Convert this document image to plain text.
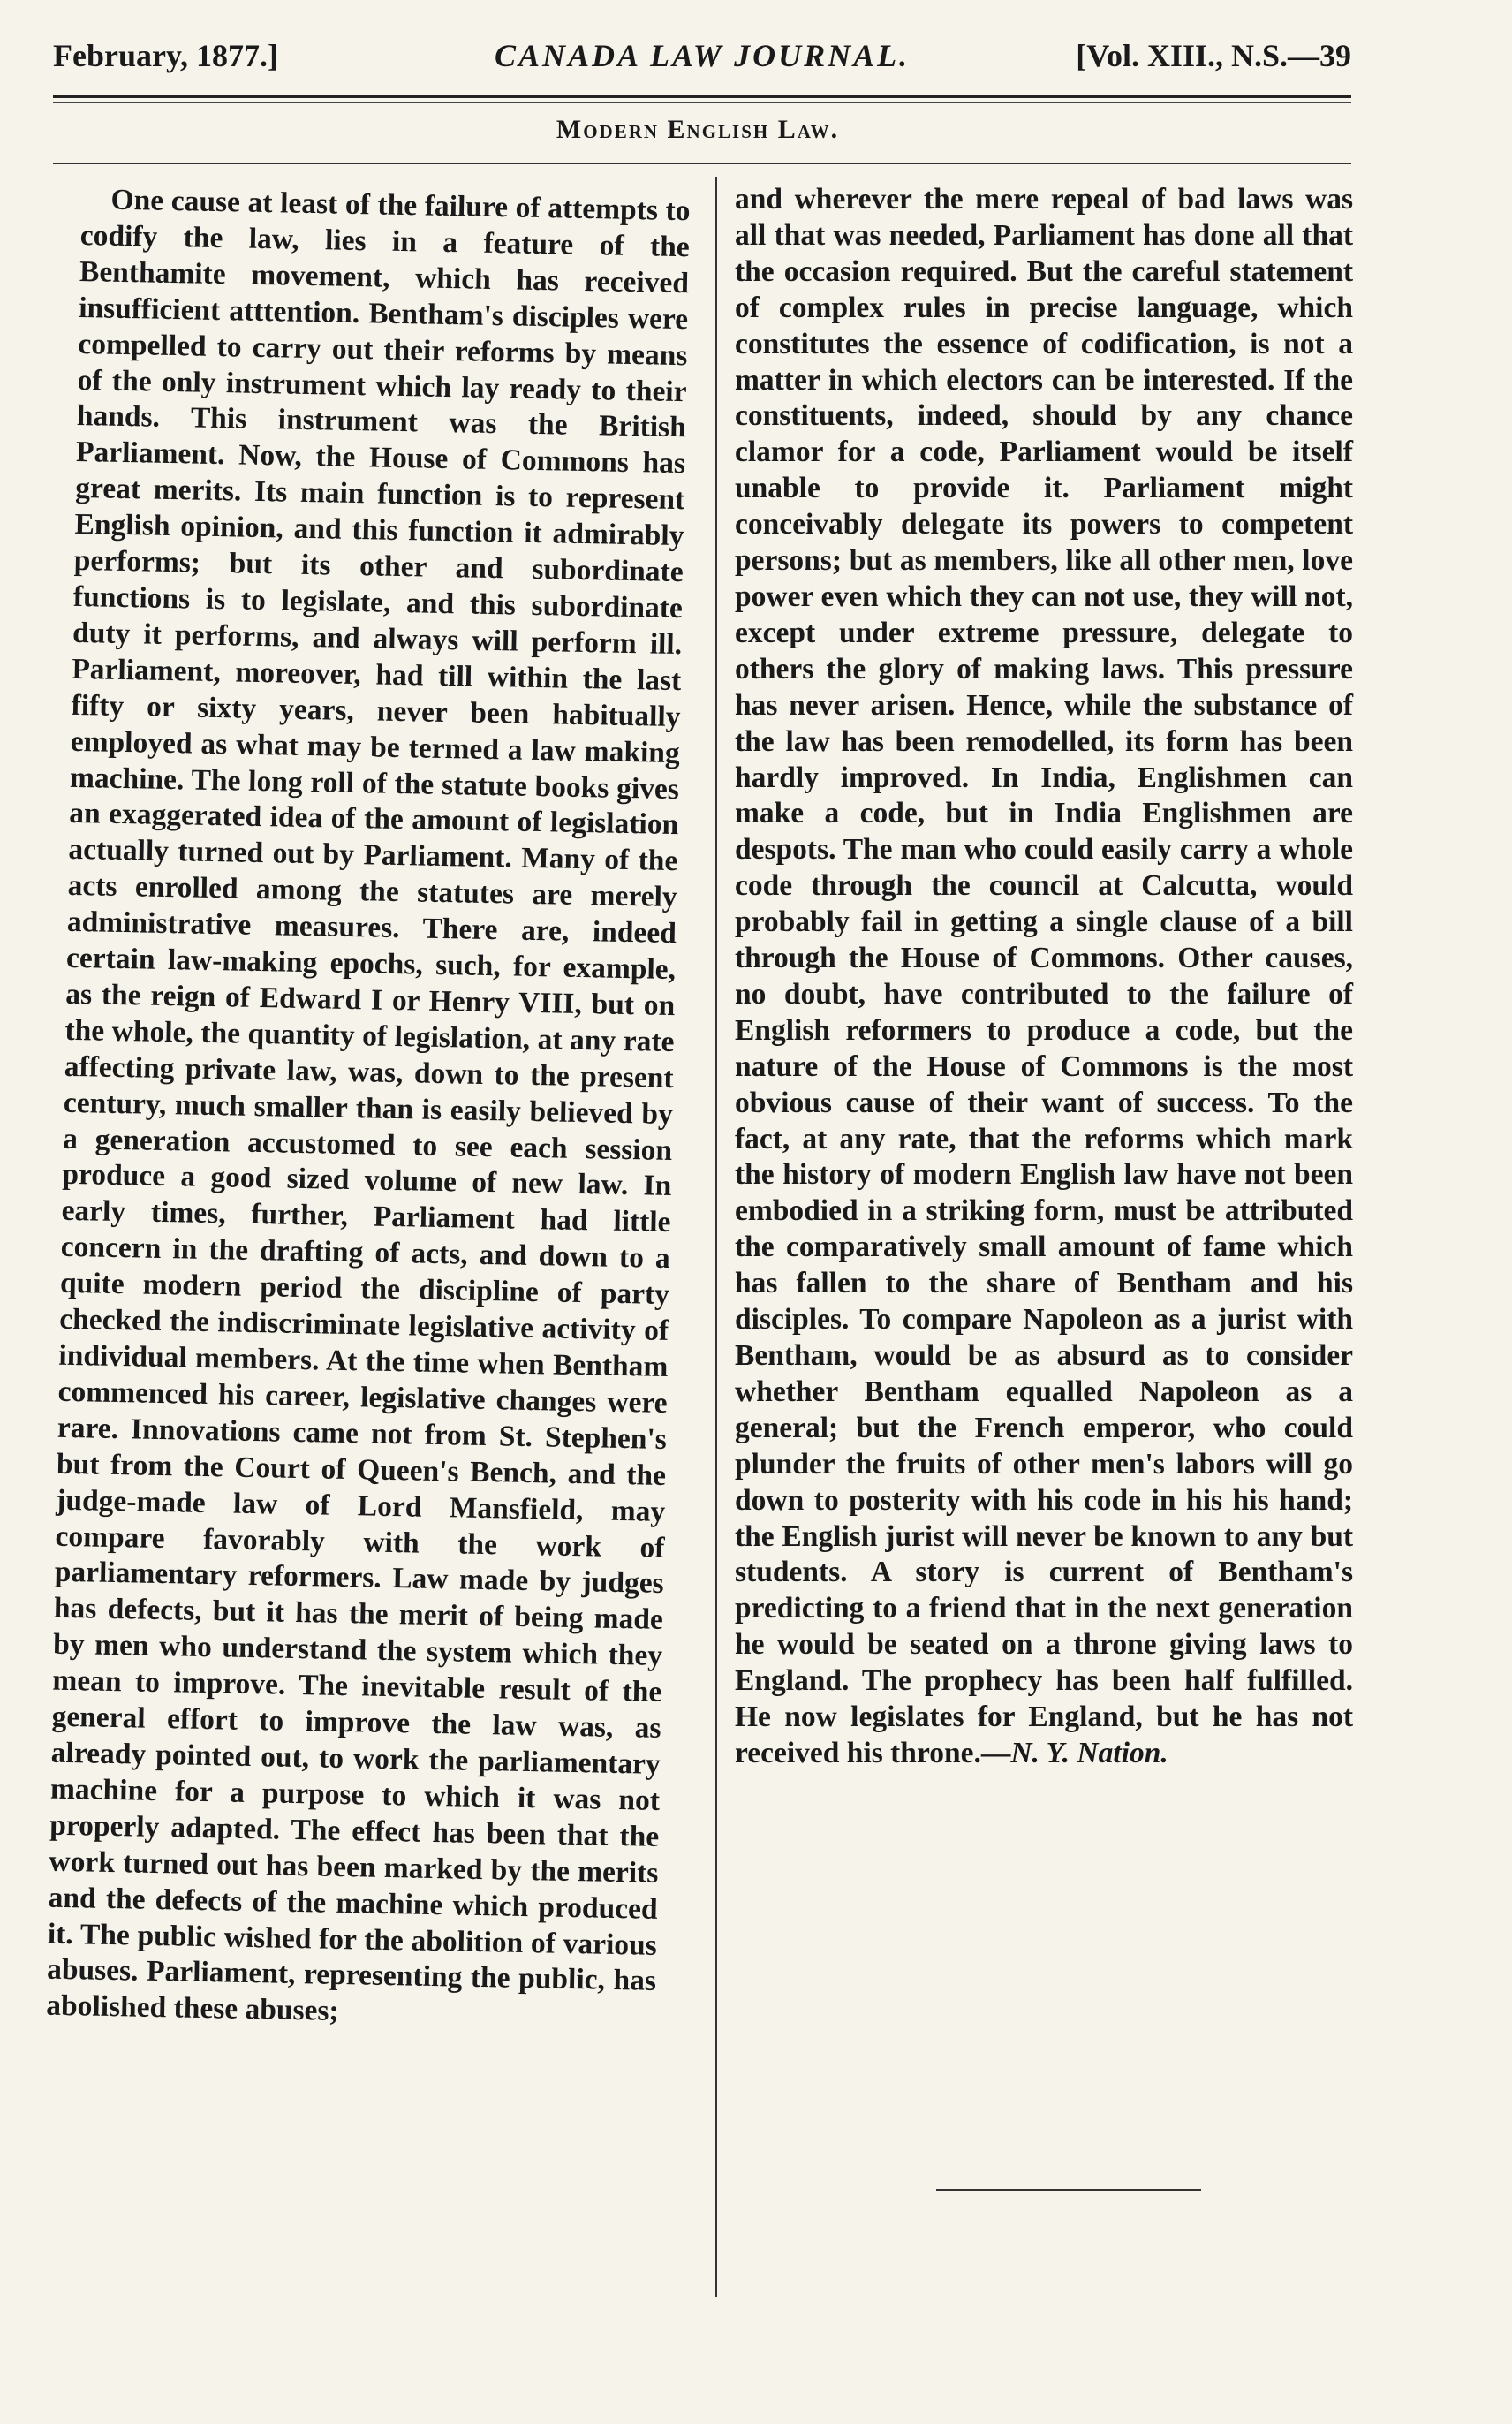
February, 1877.]	CANADA LAW JOURNAL.	[Vol. XIII., N.S.—39
Modern English Law.

One cause at least of the failure of attempts to codify the law, lies in a feature of the Benthamite movement, which has received insufficient atttention. Bentham's disciples were compelled to carry out their reforms by means of the only instrument which lay ready to their hands. This instrument was the British Parliament. Now, the House of Commons has great merits. Its main function is to represent English opinion, and this function it admirably performs; but its other and subordinate functions is to legislate, and this subordinate duty it performs, and always will perform ill. Parliament, moreover, had till within the last fifty or sixty years, never been habitually employed as what may be termed a law making machine. The long roll of the statute books gives an exaggerated idea of the amount of legislation actually turned out by Parliament. Many of the acts enrolled among the statutes are merely administrative measures. There are, indeed certain law-making epochs, such, for example, as the reign of Edward I or Henry VIII, but on the whole, the quantity of legislation, at any rate affecting private law, was, down to the present century, much smaller than is easily believed by a generation accustomed to see each session produce a good sized volume of new law. In early times, further, Parliament had little concern in the drafting of acts, and down to a quite modern period the discipline of party checked the indiscriminate legislative activity of individual members. At the time when Bentham commenced his career, legislative changes were rare. Innovations came not from St. Stephen's but from the Court of Queen's Bench, and the judge-made law of Lord Mansfield, may compare favorably with the work of parliamentary reformers. Law made by judges has defects, but it has the merit of being made by men who understand the system which they mean to improve. The inevitable result of the general effort to improve the law was, as already pointed out, to work the parliamentary machine for a purpose to which it was not properly adapted. The effect has been that the work turned out has been marked by the merits and the defects of the machine which produced it. The public wished for the abolition of various abuses. Parliament, representing the public, has abolished these abuses;

and wherever the mere repeal of bad laws was all that was needed, Parliament has done all that the occasion required. But the careful statement of complex rules in precise language, which constitutes the essence of codification, is not a matter in which electors can be interested. If the constituents, indeed, should by any chance clamor for a code, Parliament would be itself unable to provide it. Parliament might conceivably delegate its powers to competent persons; but as members, like all other men, love power even which they can not use, they will not, except under extreme pressure, delegate to others the glory of making laws. This pressure has never arisen. Hence, while the substance of the law has been remodelled, its form has been hardly improved. In India, Englishmen can make a code, but in India Englishmen are despots. The man who could easily carry a whole code through the council at Calcutta, would probably fail in getting a single clause of a bill through the House of Commons. Other causes, no doubt, have contributed to the failure of English reformers to produce a code, but the nature of the House of Commons is the most obvious cause of their want of success. To the fact, at any rate, that the reforms which mark the history of modern English law have not been embodied in a striking form, must be attributed the comparatively small amount of fame which has fallen to the share of Bentham and his disciples. To compare Napoleon as a jurist with Bentham, would be as absurd as to consider whether Bentham equalled Napoleon as a general; but the French emperor, who could plunder the fruits of other men's labors will go down to posterity with his code in his his hand; the English jurist will never be known to any but students. A story is current of Bentham's predicting to a friend that in the next generation he would be seated on a throne giving laws to England. The prophecy has been half fulfilled. He now legislates for England, but he has not received his throne.—N. Y. Nation.
